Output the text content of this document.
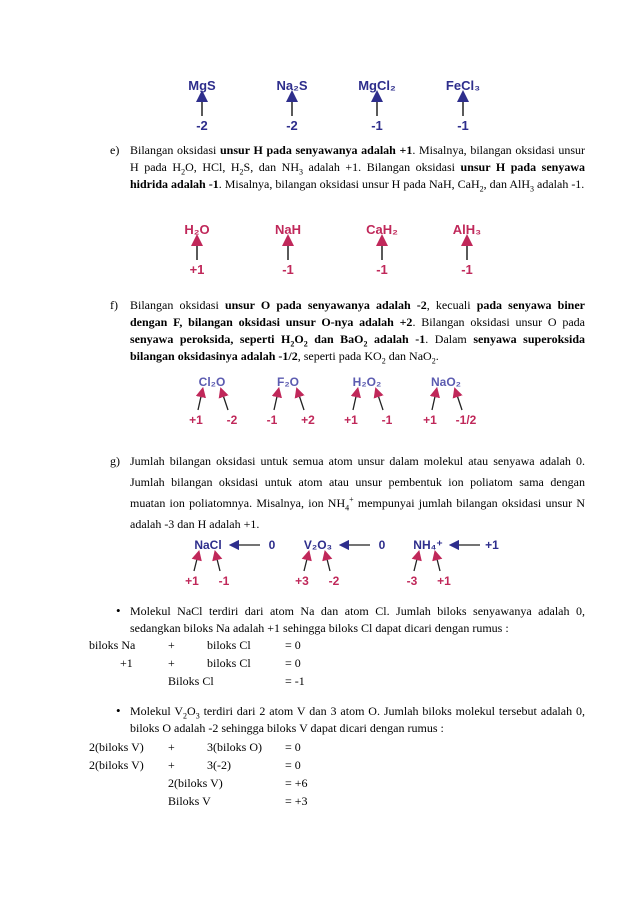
MgS
-2
Na₂S
-2
MgCl₂
-1
FeCl₃
-1
e) Bilangan oksidasi unsur H pada senyawanya adalah +1. Misalnya, bilangan oksidasi unsur H pada $H_2O$, HCl, $H_2S$, dan $NH_3$ adalah +1. Bilangan oksidasi unsur H pada senyawa hidrida adalah -1. Misalnya, bilangan oksidasi unsur H pada NaH, CaH$_2$, dan AlH$_3$ adalah -1.

H₂O
+1
NaH
-1
CaH₂
-1
AlH₃
-1
f) Bilangan oksidasi unsur O pada senyawanya adalah -2, kecuali pada senyawa biner dengan F, bilangan oksidasi unsur O-nya adalah +2. Bilangan oksidasi unsur O pada senyawa peroksida, seperti $H_2O_2$ dan BaO$_2$ adalah -1. Dalam senyawa superoksida bilangan oksidasinya adalah -1/2, seperti pada $KO_2$ dan NaO$_2$.

Cl₂O
+1 -2
F₂O
-1 +2
H₂O₂
+1 -1
NaO₂
+1 -1/2
g) Jumlah bilangan oksidasi untuk semua atom unsur dalam molekul atau senyawa adalah 0. Jumlah bilangan oksidasi untuk atom atau unsur pembentuk ion poliatom sama dengan muatan ion poliatomnya. Misalnya, ion $NH_4^+$ mempunyai jumlah bilangan oksidasi unsur N adalah -3 dan H adalah +1.

NaCl	0
+1 -1
V₂O₃	0
+3 -2
NH₄⁺	+1
-3 +1
• Molekul NaCl terdiri dari atom Na dan atom Cl. Jumlah biloks senyawanya adalah 0, sedangkan biloks Na adalah +1 sehingga biloks Cl dapat dicari dengan rumus :

biloks Na	+	biloks Cl	= 0
+1	+	biloks Cl	= 0
Biloks Cl	= -1
• Molekul $V_2O_3$ terdiri dari 2 atom V dan 3 atom O. Jumlah biloks molekul tersebut adalah 0, biloks O adalah -2 sehingga biloks V dapat dicari dengan rumus :

2(biloks V) +	3(biloks O) = 0
2(biloks V) +	3(-2)	= 0
2(biloks V)	= +6
Biloks V	= +3
